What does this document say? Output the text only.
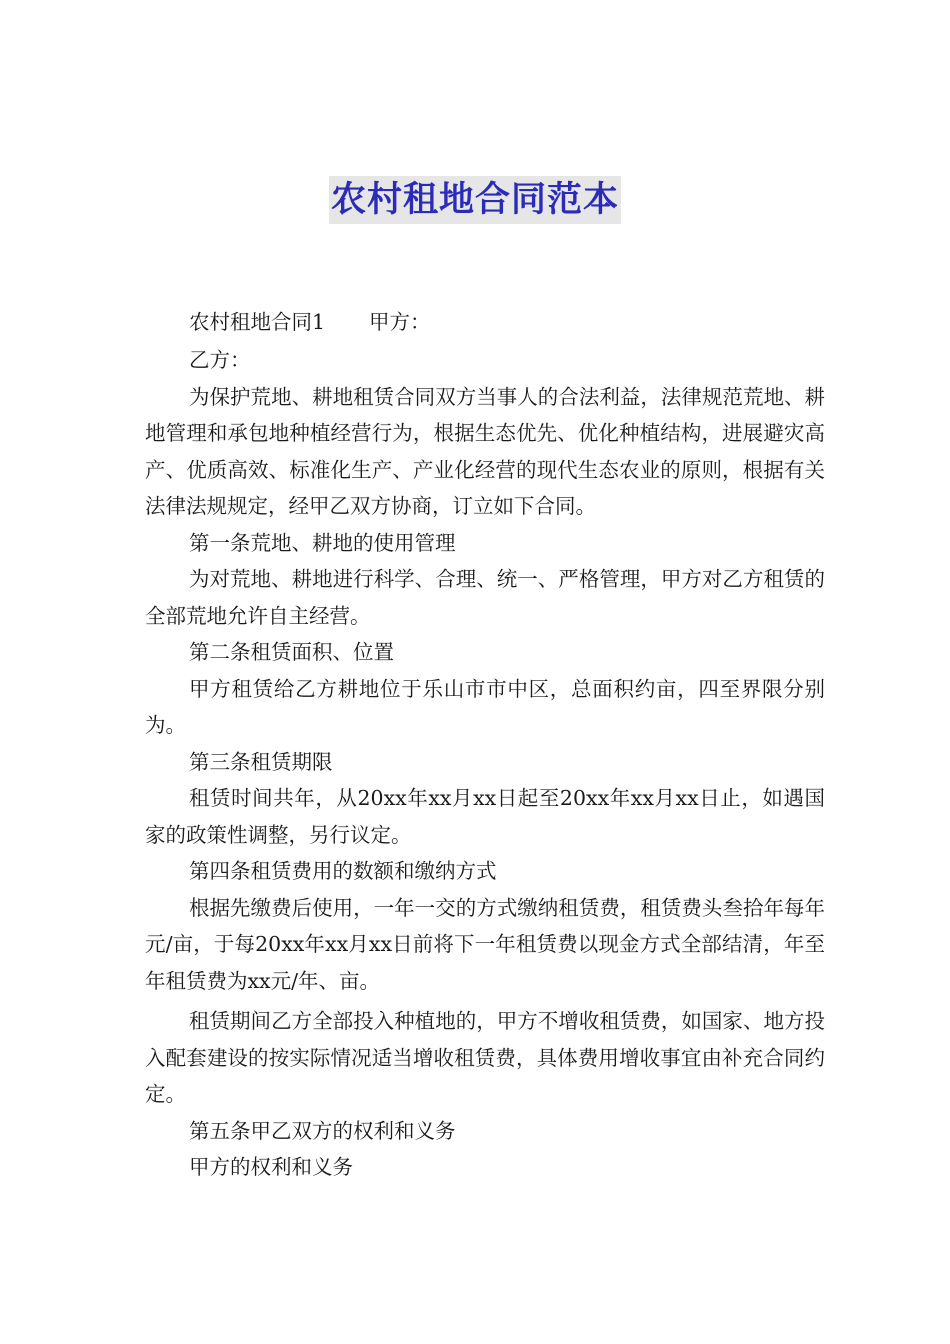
农村租地合同范本

农村租地合同1 甲方：

乙方：

为保护荒地、耕地租赁合同双方当事人的合法利益，法律规范荒地、耕地管理和承包地种植经营行为，根据生态优先、优化种植结构，进展避灾高产、优质高效、标准化生产、产业化经营的现代生态农业的原则，根据有关法律法规规定，经甲乙双方协商，订立如下合同。

第一条荒地、耕地的使用管理

为对荒地、耕地进行科学、合理、统一、严格管理，甲方对乙方租赁的全部荒地允许自主经营。

第二条租赁面积、位置

甲方租赁给乙方耕地位于乐山市市中区，总面积约亩，四至界限分别为。

第三条租赁期限

租赁时间共年，从20xx年xx月xx日起至20xx年xx月xx日止，如遇国家的政策性调整，另行议定。

第四条租赁费用的数额和缴纳方式

根据先缴费后使用，一年一交的方式缴纳租赁费，租赁费头叁拾年每年元/亩，于每20xx年xx月xx日前将下一年租赁费以现金方式全部结清，年至年租赁费为xx元/年、亩。

租赁期间乙方全部投入种植地的，甲方不增收租赁费，如国家、地方投入配套建设的按实际情况适当增收租赁费，具体费用增收事宜由补充合同约定。

第五条甲乙双方的权利和义务

甲方的权利和义务
